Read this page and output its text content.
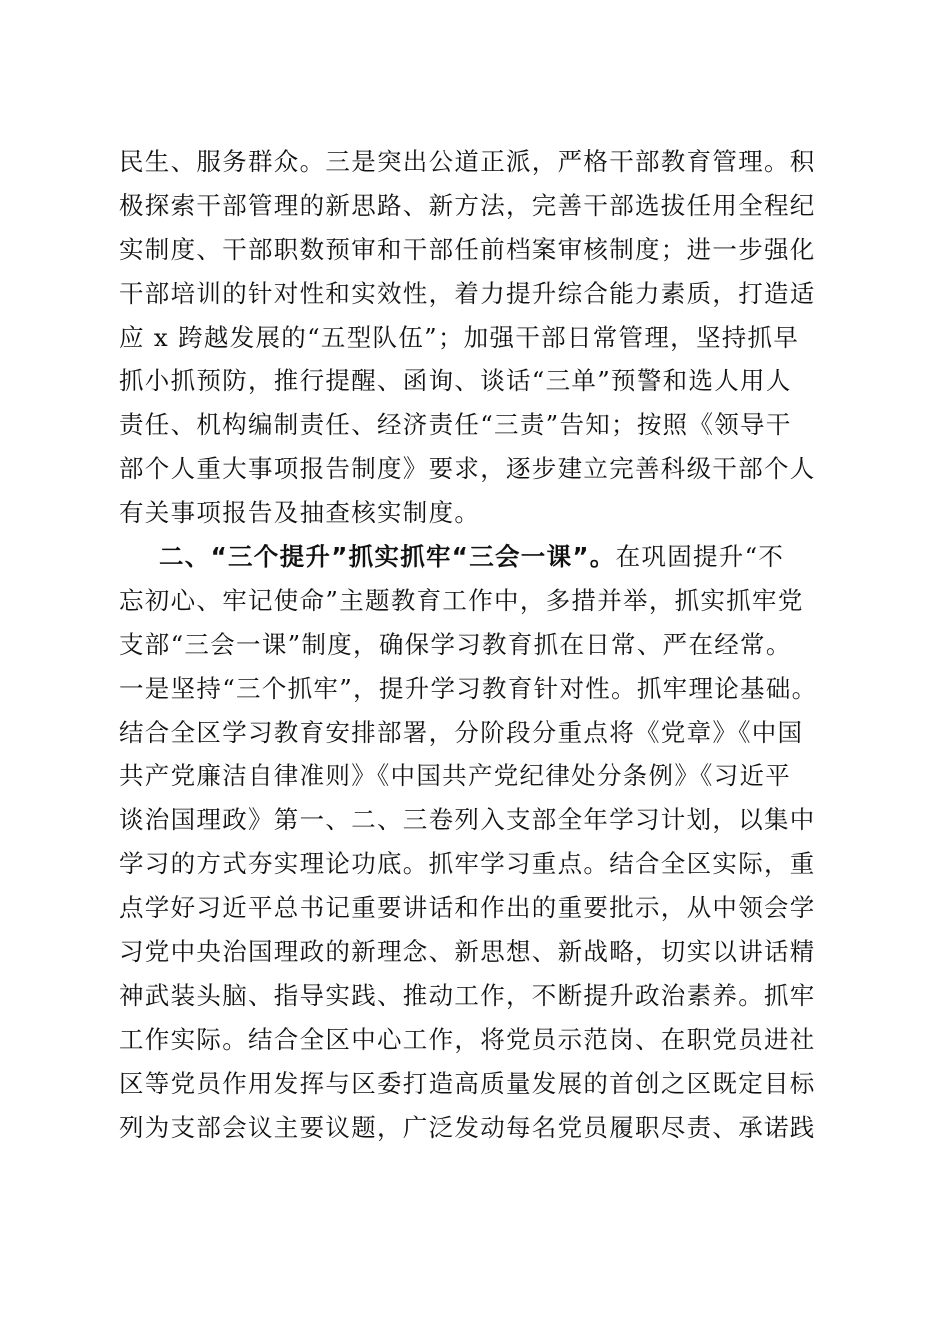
民生、服务群众。三是突出公道正派，严格干部教育管理。积
极探索干部管理的新思路、新方法，完善干部选拔任用全程纪
实制度、干部职数预审和干部任前档案审核制度；进一步强化
干部培训的针对性和实效性，着力提升综合能力素质，打造适
应 x 跨越发展的“五型队伍”；加强干部日常管理，坚持抓早
抓小抓预防，推行提醒、函询、谈话“三单”预警和选人用人
责任、机构编制责任、经济责任“三责”告知；按照《领导干
部个人重大事项报告制度》要求，逐步建立完善科级干部个人
有关事项报告及抽查核实制度。
二、“三个提升”抓实抓牢“三会一课”。在巩固提升“不
忘初心、牢记使命”主题教育工作中，多措并举，抓实抓牢党
支部“三会一课”制度，确保学习教育抓在日常、严在经常。
一是坚持“三个抓牢”，提升学习教育针对性。抓牢理论基础。
结合全区学习教育安排部署，分阶段分重点将《党章》《中国
共产党廉洁自律准则》《中国共产党纪律处分条例》《习近平
谈治国理政》第一、二、三卷列入支部全年学习计划，以集中
学习的方式夯实理论功底。抓牢学习重点。结合全区实际，重
点学好习近平总书记重要讲话和作出的重要批示，从中领会学
习党中央治国理政的新理念、新思想、新战略，切实以讲话精
神武装头脑、指导实践、推动工作，不断提升政治素养。抓牢
工作实际。结合全区中心工作，将党员示范岗、在职党员进社
区等党员作用发挥与区委打造高质量发展的首创之区既定目标
列为支部会议主要议题，广泛发动每名党员履职尽责、承诺践
